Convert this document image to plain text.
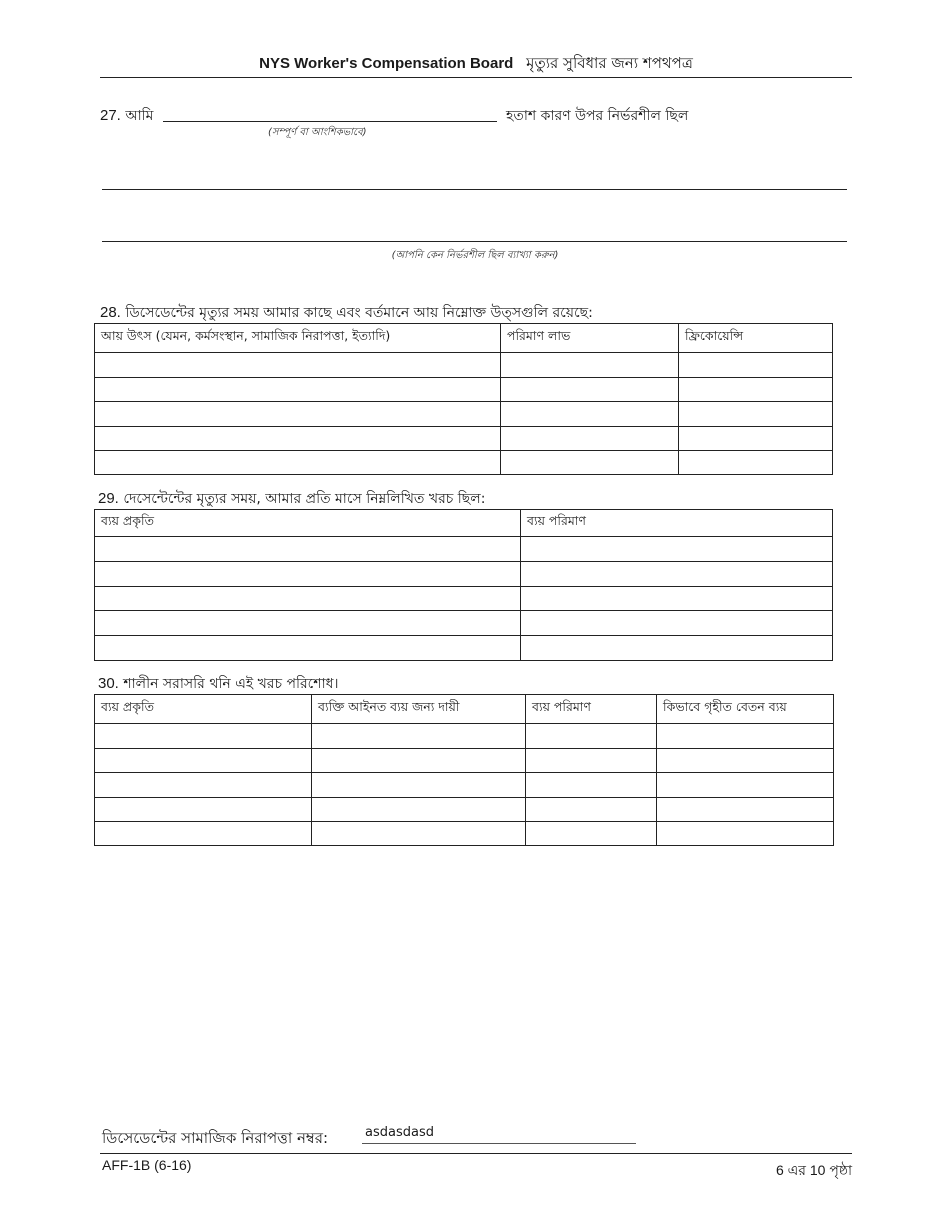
NYS Worker's Compensation Board মৃত্যুর সুবিধার জন্য শপথপত্র
27. আমি	হতাশ কারণ উপর নির্ভরশীল ছিল
(সম্পূর্ণ বা আংশিকভাবে)
(আপনি কেন নির্ভরশীল ছিল ব্যাখ্যা করুন)
28. ডিসেডেন্টের মৃত্যুর সময় আমার কাছে এবং বর্তমানে আয় নিম্নোক্ত উত্সগুলি রয়েছে:
আয় উৎস (যেমন, কর্মসংস্থান, সামাজিক নিরাপত্তা, ইত্যাদি)	পরিমাণ লাভ	ফ্রিকোয়েন্সি

29. দেসেন্টেন্টের মৃত্যুর সময়, আমার প্রতি মাসে নিম্নলিখিত খরচ ছিল:
ব্যয় প্রকৃতি	ব্যয় পরিমাণ

30. শালীন সরাসরি থনি এই খরচ পরিশোধ।
ব্যয় প্রকৃতি	ব্যক্তি আইনত ব্যয় জন্য দায়ী	ব্যয় পরিমাণ	কিভাবে গৃহীত বেতন ব্যয়

ডিসেডেন্টের সামাজিক নিরাপত্তা নম্বর:	asdasdasd
AFF-1B (6-16)	6 এর 10 পৃষ্ঠা
